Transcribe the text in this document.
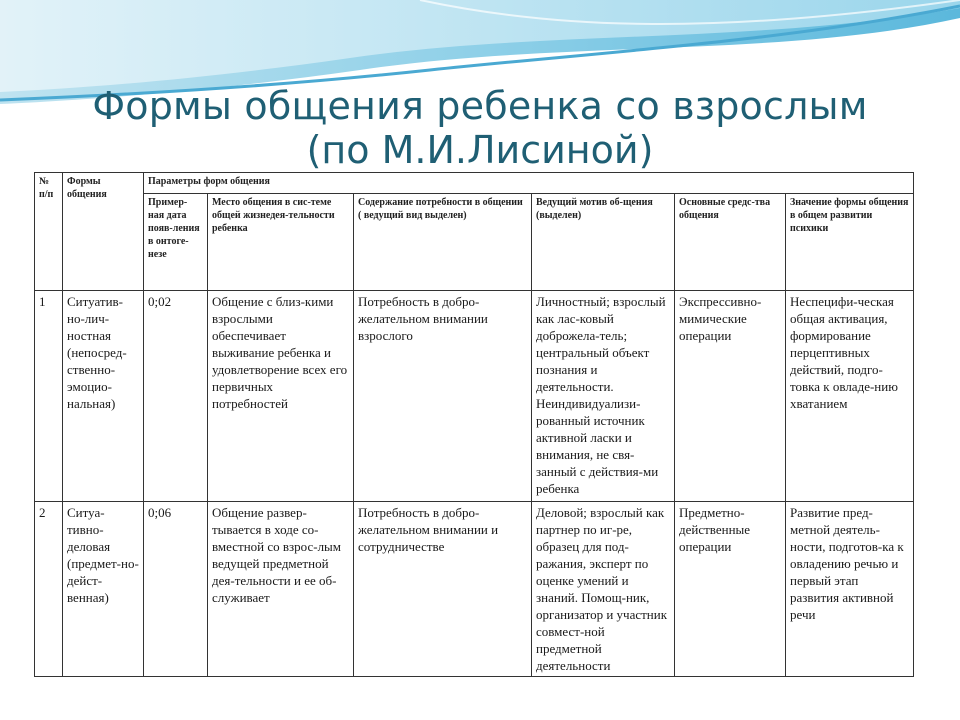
Формы общения ребенка со взрослым
(по М.И.Лисиной)
№ п/п	Формы общения	Параметры форм общения					
		Пример-ная дата появ-ления в онтоге-незе	Место общения в сис-теме общей жизнедея-тельности ребенка	Содержание потребности в общении ( ведущий вид выделен)	Ведущий мотив об-щения (выделен)	Основные средс-тва общения	Значение формы общения в общем развитии психики
1	Ситуатив-но-лич-ностная (непосред-ственно-эмоцио-нальная)	0;02	Общение с близ-кими взрослыми обеспечивает выживание ребенка и удовлетворение всех его первичных потребностей	Потребность в добро-желательном внимании взрослого	Личностный; взрослый как лас-ковый доброжела-тель; центральный объект познания и деятельности. Неиндивидуализи-рованный источник активной ласки и внимания, не свя-занный с действия-ми ребенка	Экспрессивно-мимические операции	Неспецифи-ческая общая активация, формирование перцептивных действий, подго-товка к овладе-нию хватанием
2	Ситуа-тивно-деловая (предмет-но-дейст-венная)	0;06	Общение развер-тывается в ходе со-вместной со взрос-лым ведущей предметной дея-тельности и ее об-служивает	Потребность в добро-желательном внимании и сотрудничестве	Деловой; взрослый как партнер по иг-ре, образец для под-ражания, эксперт по оценке умений и знаний. Помощ-ник, организатор и участник совмест-ной предметной деятельности	Предметно-действенные операции	Развитие пред-метной деятель-ности, подготов-ка к овладению речью и первый этап развития активной речи
